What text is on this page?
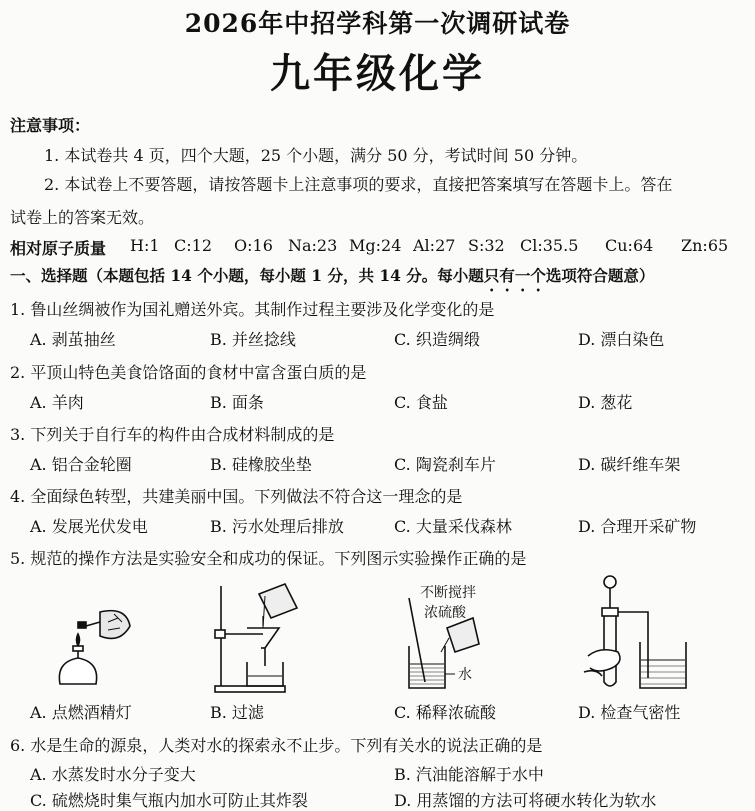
2026年中招学科第一次调研试卷
九年级化学
注意事项：
1. 本试卷共 4 页，四个大题，25 个小题，满分 50 分，考试时间 50 分钟。
2. 本试卷上不要答题，请按答题卡上注意事项的要求，直接把答案填写在答题卡上。答在
试卷上的答案无效。
相对原子质量 H:1 C:12 O:16 Na:23 Mg:24 Al:27 S:32 Cl:35.5 Cu:64 Zn:65
一、选择题（本题包括 14 个小题，每小题 1 分，共 14 分。每小题只有一个选项符合题意）
1. 鲁山丝绸被作为国礼赠送外宾。其制作过程主要涉及化学变化的是
A. 剥茧抽丝	B. 并丝捻线	C. 织造绸缎	D. 漂白染色
2. 平顶山特色美食饸饹面的食材中富含蛋白质的是
A. 羊肉	B. 面条	C. 食盐	D. 葱花
3. 下列关于自行车的构件由合成材料制成的是
A. 铝合金轮圈	B. 硅橡胶坐垫	C. 陶瓷刹车片	D. 碳纤维车架
4. 全面绿色转型，共建美丽中国。下列做法不符合这一理念的是
A. 发展光伏发电	B. 污水处理后排放	C. 大量采伐森林	D. 合理开采矿物
5. 规范的操作方法是实验安全和成功的保证。下列图示实验操作正确的是
不断搅拌
浓硫酸
水
A. 点燃酒精灯	B. 过滤	C. 稀释浓硫酸	D. 检查气密性
6. 水是生命的源泉，人类对水的探索永不止步。下列有关水的说法正确的是
A. 水蒸发时水分子变大	B. 汽油能溶解于水中
C. 硫燃烧时集气瓶内加水可防止其炸裂	D. 用蒸馏的方法可将硬水转化为软水
